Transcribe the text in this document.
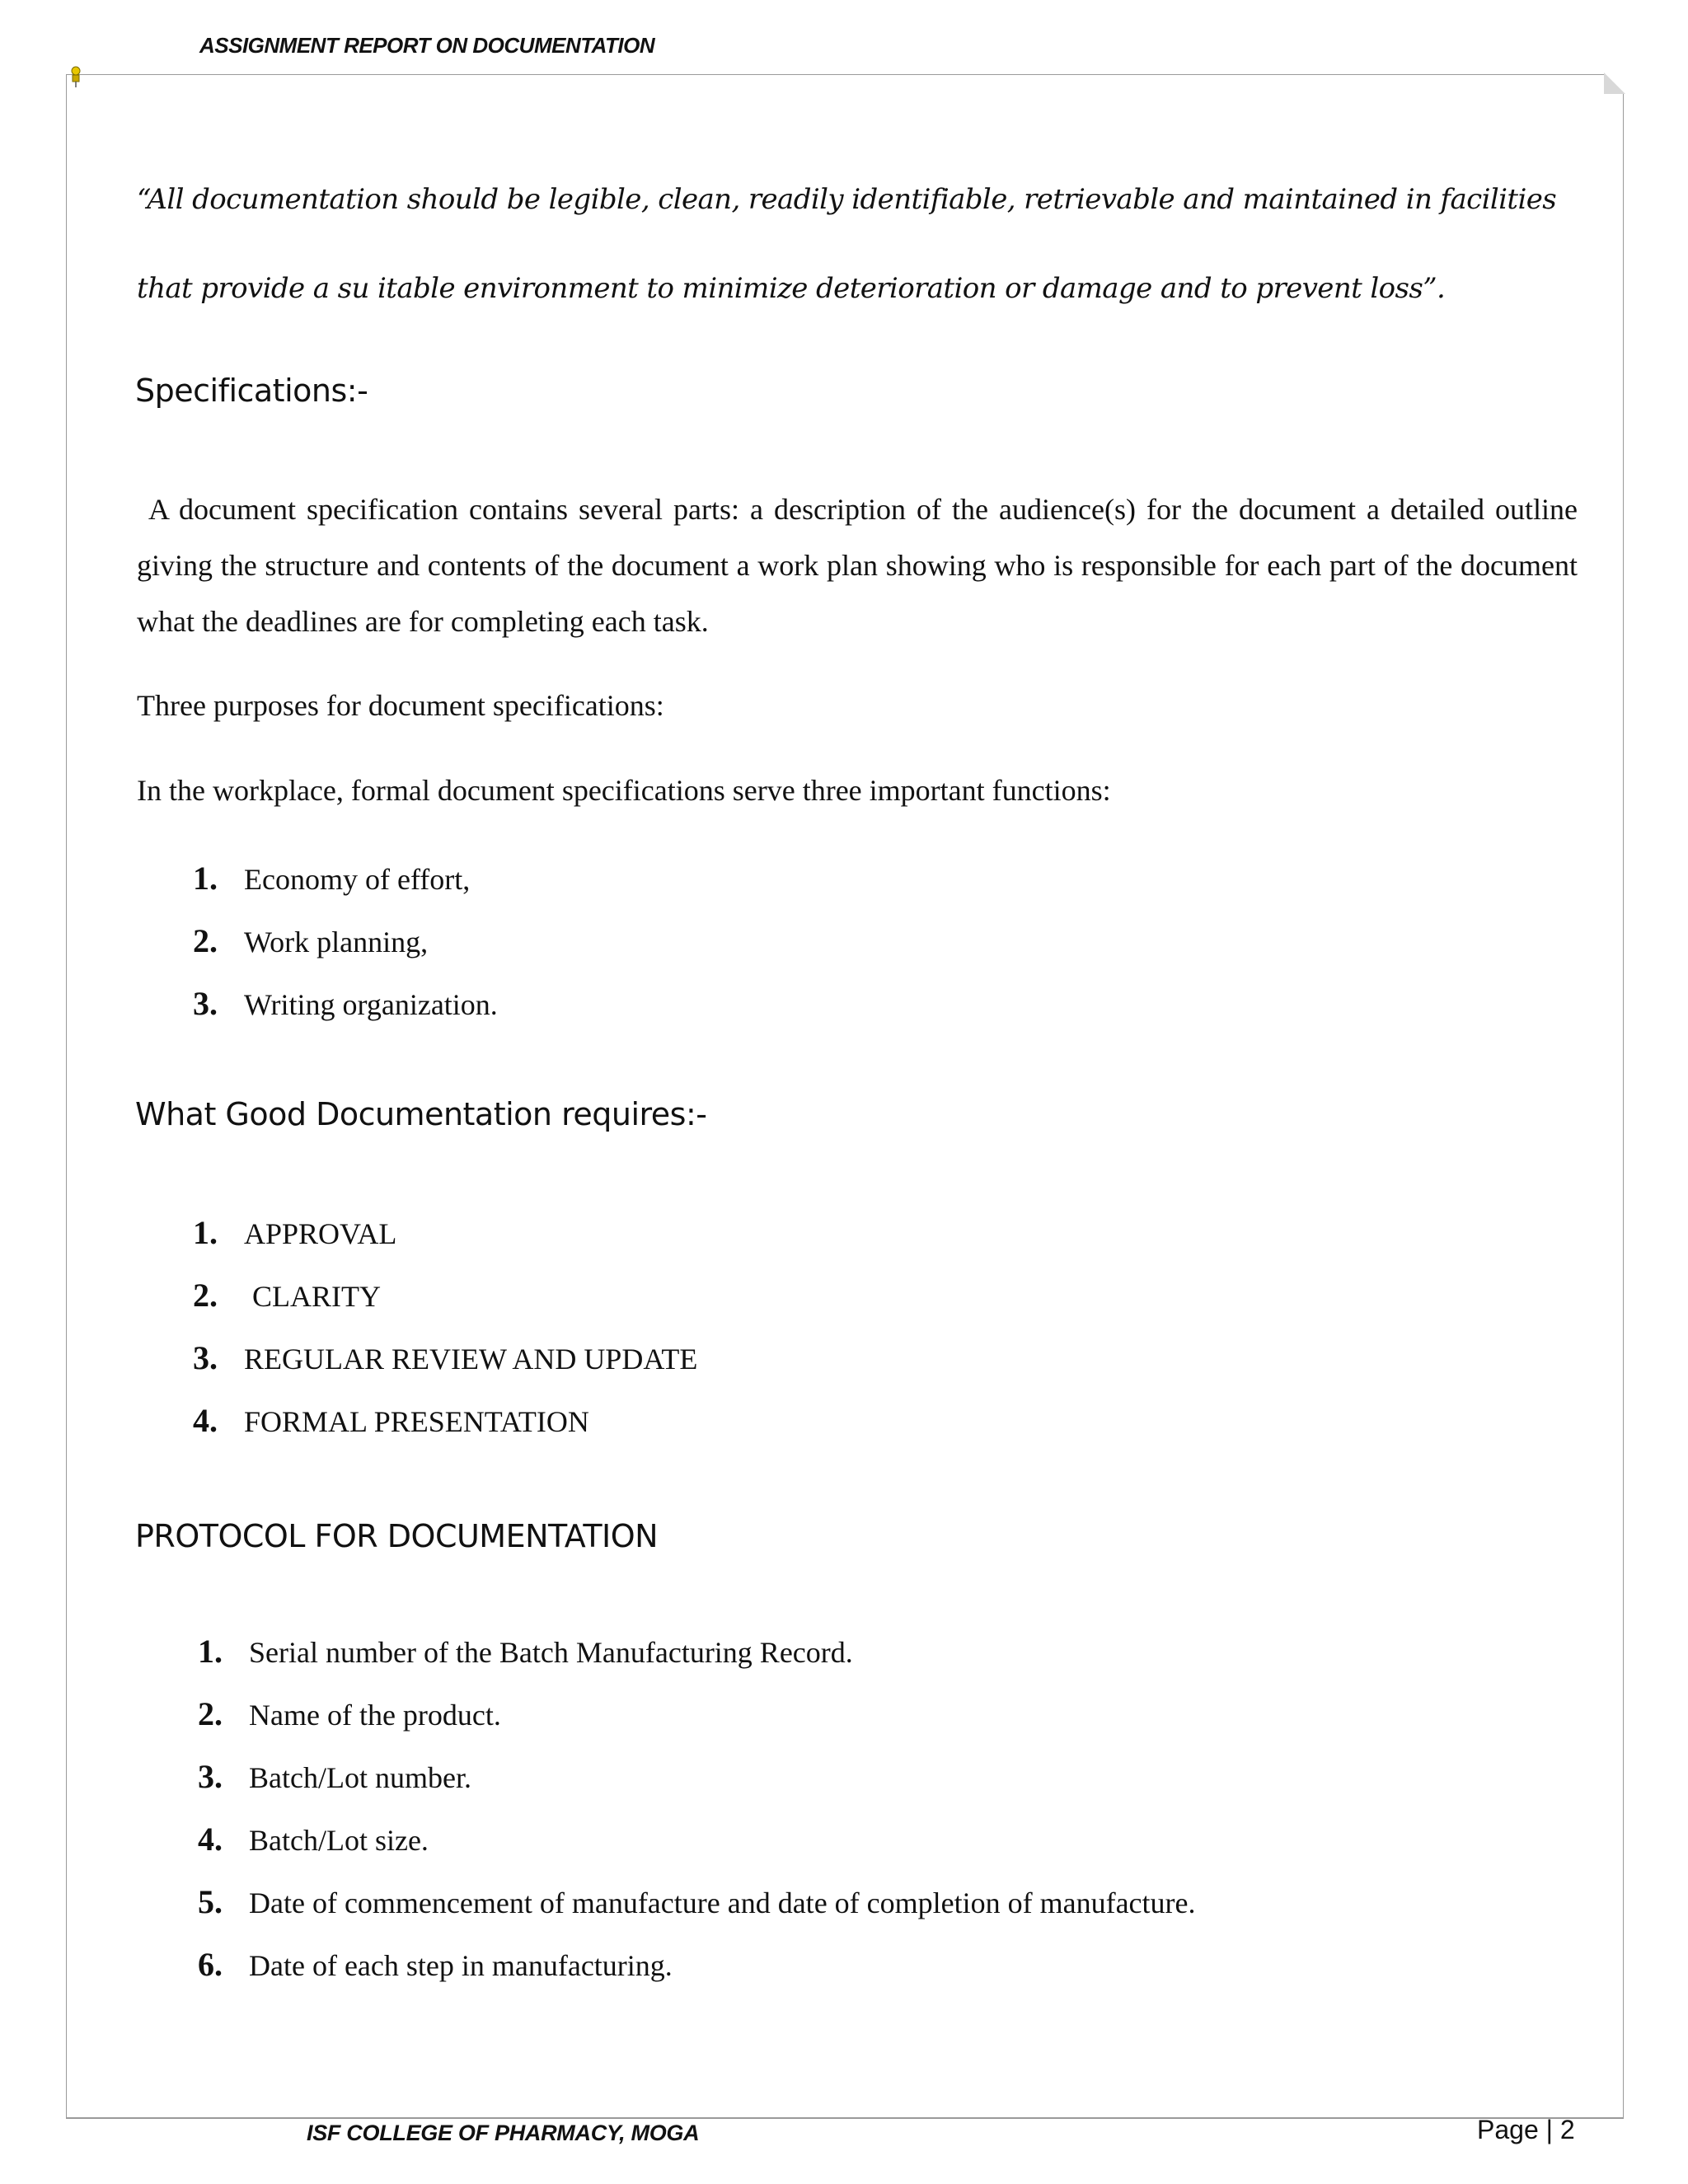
ASSIGNMENT REPORT ON DOCUMENTATION
“All documentation should be legible, clean, readily identifiable, retrievable and maintained in facilities that provide a su itable environment to minimize deterioration or damage and to prevent loss”.
Specifications:-
A document specification contains several parts: a description of the audience(s) for the document a detailed outline giving the structure and contents of the document a work plan showing who is responsible for each part of the document what the deadlines are for completing each task.
Three purposes for document specifications:
In the workplace, formal document specifications serve three important functions:
1. Economy of effort,
2. Work planning,
3. Writing organization.
What Good Documentation requires:-
1. APPROVAL
2.	CLARITY
3. REGULAR REVIEW AND UPDATE
4. FORMAL PRESENTATION
PROTOCOL FOR DOCUMENTATION
1. Serial number of the Batch Manufacturing Record.
2. Name of the product.
3. Batch/Lot number.
4. Batch/Lot size.
5. Date of commencement of manufacture and date of completion of manufacture.
6. Date of each step in manufacturing.
ISF COLLEGE OF PHARMACY, MOGA	Page | 2
